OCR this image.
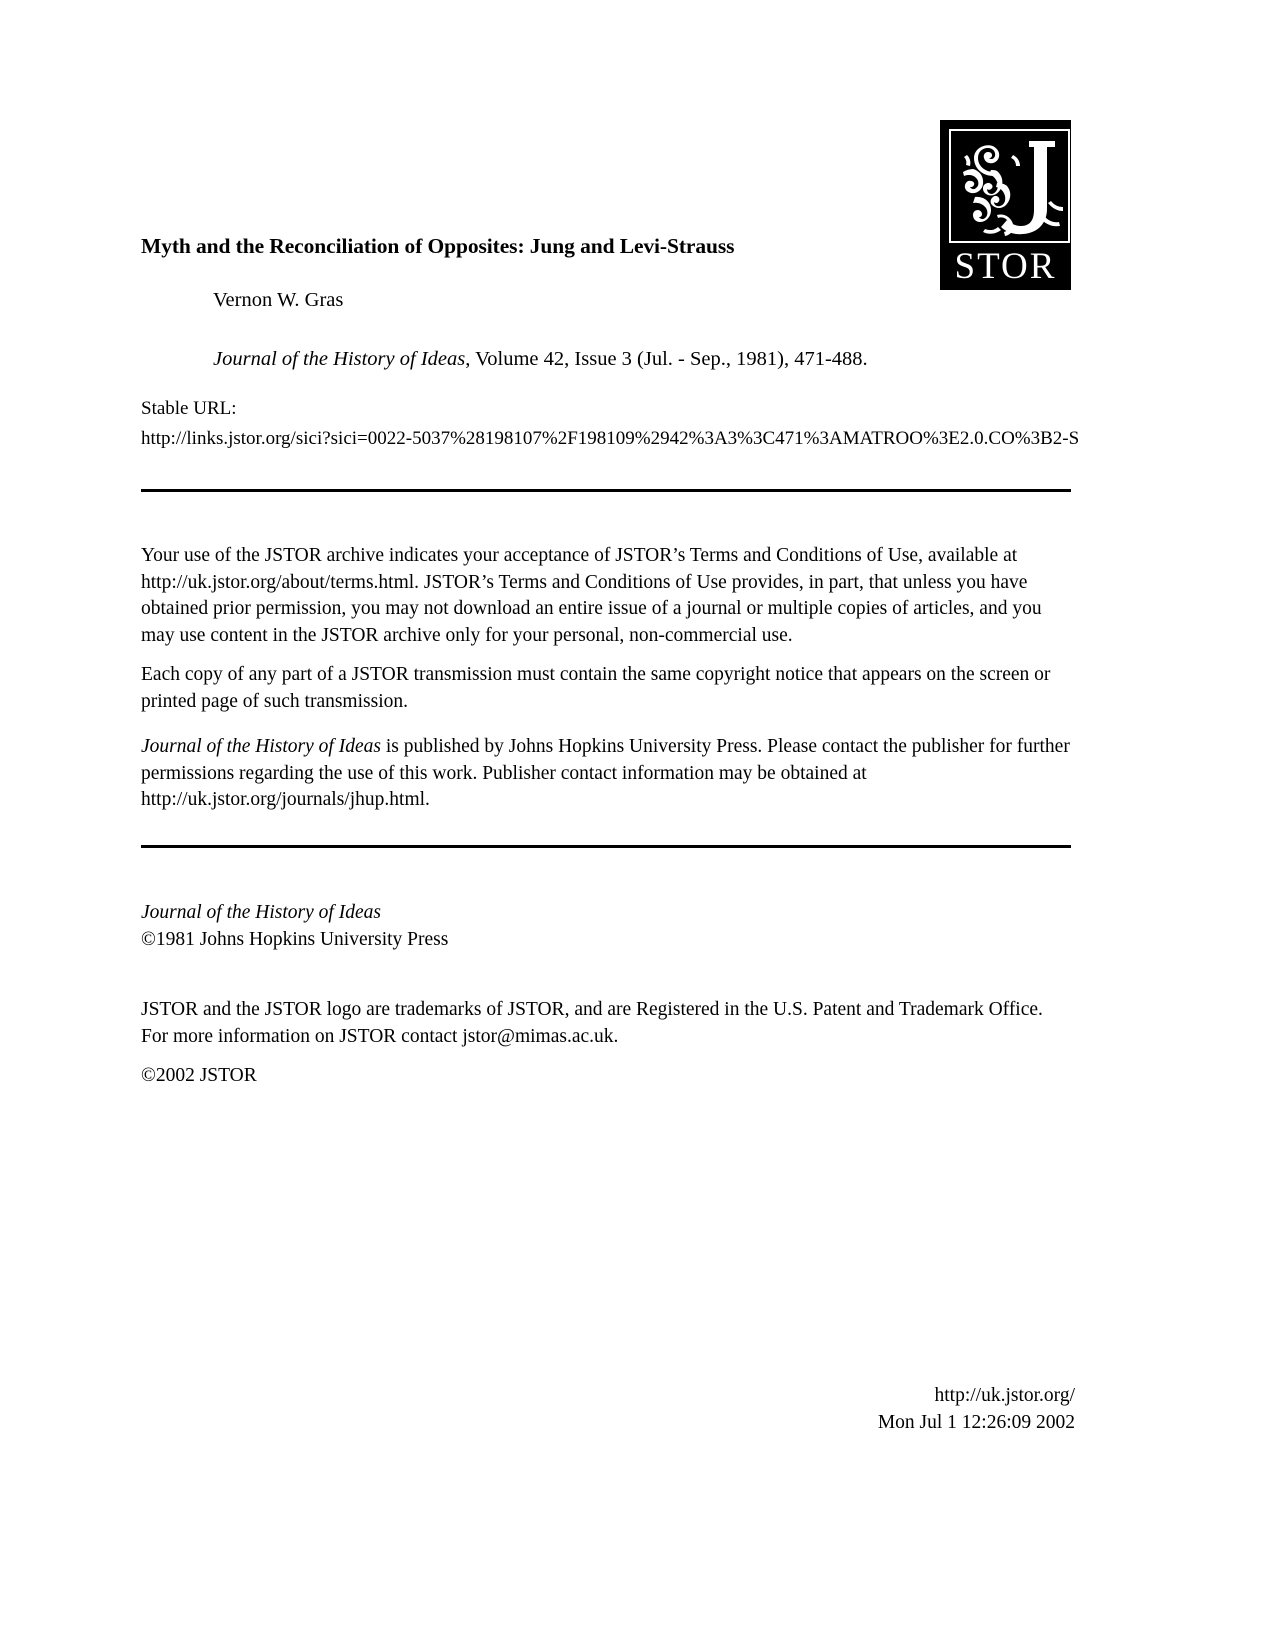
STOR
Myth and the Reconciliation of Opposites: Jung and Levi-Strauss
Vernon W. Gras
Journal of the History of Ideas, Volume 42, Issue 3 (Jul. - Sep., 1981), 471-488.
Stable URL:
http://links.jstor.org/sici?sici=0022-5037%28198107%2F198109%2942%3A3%3C471%3AMATROO%3E2.0.CO%3B2-S
Your use of the JSTOR archive indicates your acceptance of JSTOR’s Terms and Conditions of Use, available at http://uk.jstor.org/about/terms.html. JSTOR’s Terms and Conditions of Use provides, in part, that unless you have obtained prior permission, you may not download an entire issue of a journal or multiple copies of articles, and you may use content in the JSTOR archive only for your personal, non-commercial use.
Each copy of any part of a JSTOR transmission must contain the same copyright notice that appears on the screen or printed page of such transmission.
Journal of the History of Ideas is published by Johns Hopkins University Press. Please contact the publisher for further permissions regarding the use of this work. Publisher contact information may be obtained at http://uk.jstor.org/journals/jhup.html.
Journal of the History of Ideas
©1981 Johns Hopkins University Press
JSTOR and the JSTOR logo are trademarks of JSTOR, and are Registered in the U.S. Patent and Trademark Office. For more information on JSTOR contact jstor@mimas.ac.uk.
©2002 JSTOR
http://uk.jstor.org/
Mon Jul 1 12:26:09 2002
